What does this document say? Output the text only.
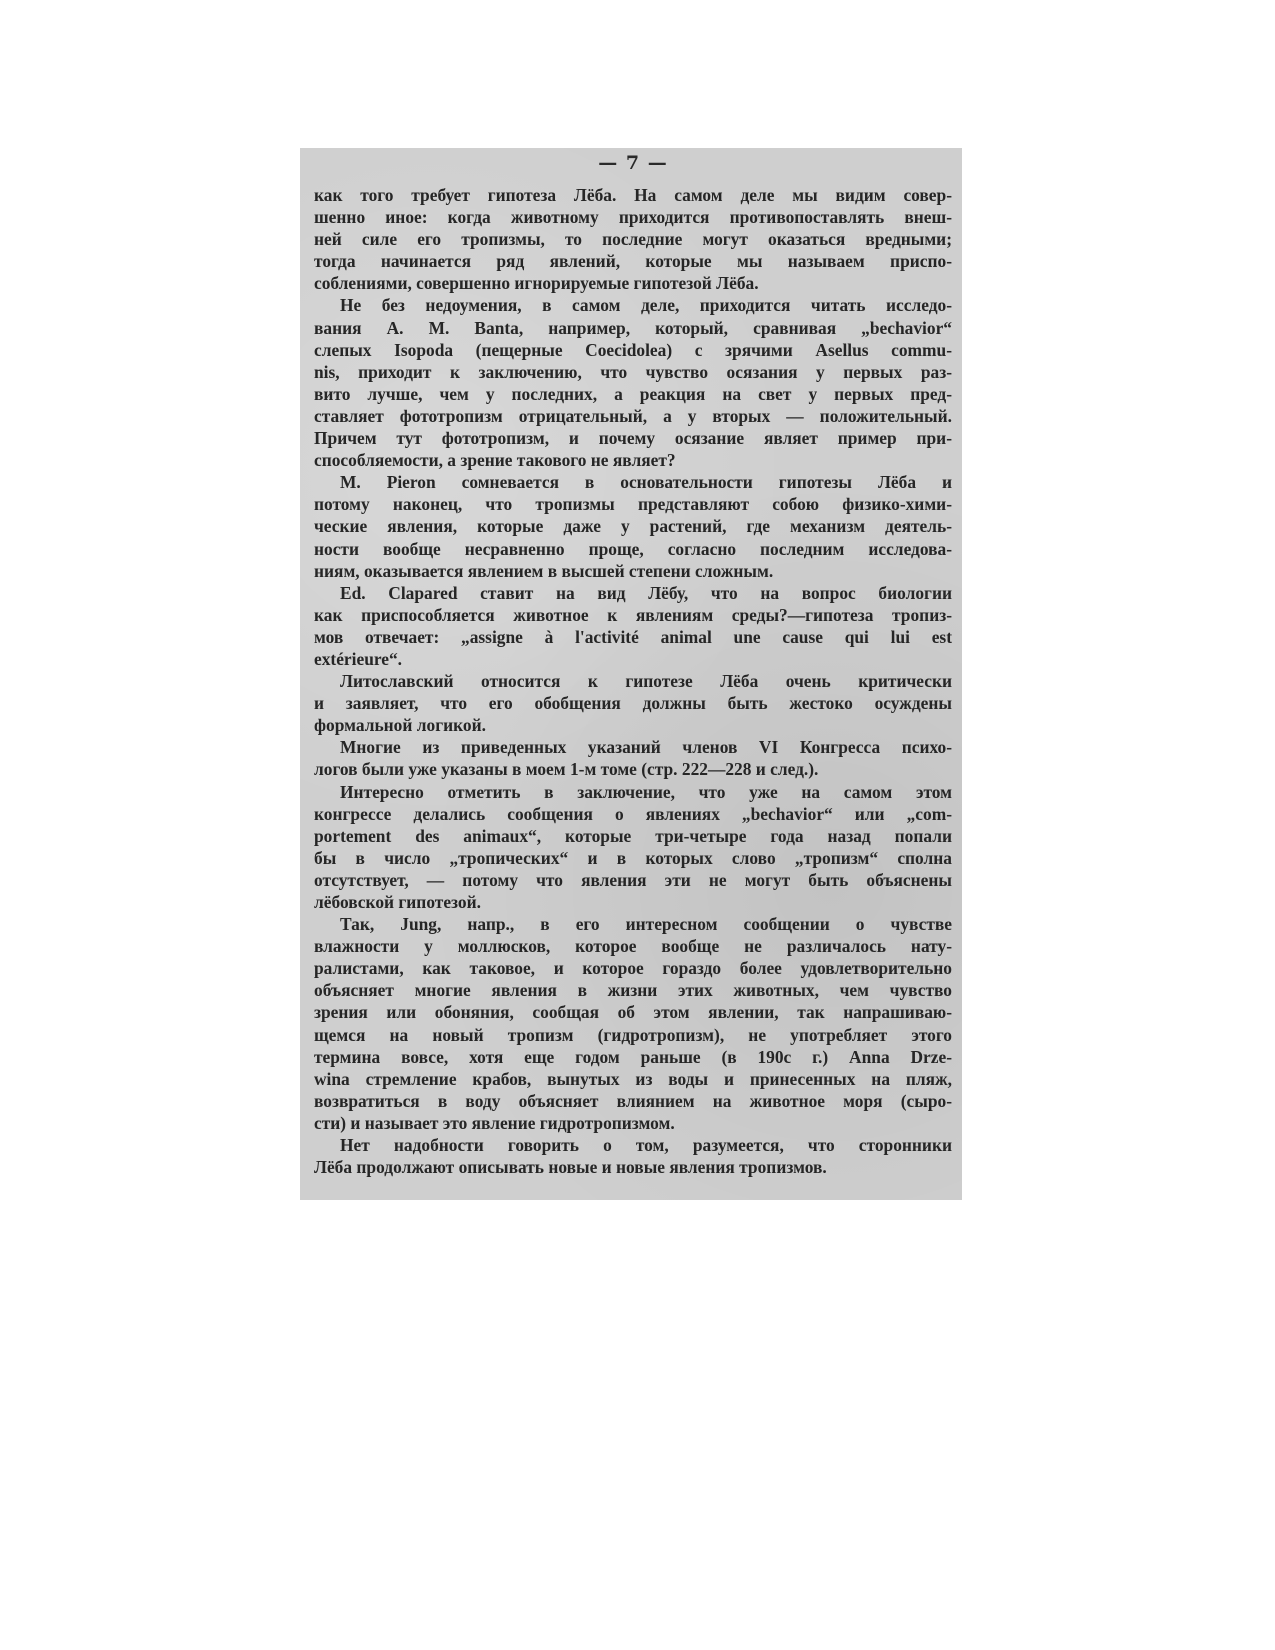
— 7 —
как того требует гипотеза Лёба. На самом деле мы видим совер-
шенно иное: когда животному приходится противопоставлять внеш-
ней силе его тропизмы, то последние могут оказаться вредными;
тогда начинается ряд явлений, которые мы называем приспо-
соблениями, совершенно игнорируемые гипотезой Лёба.
Не без недоумения, в самом деле, приходится читать исследо-
вания А. М. Banta, например, который, сравнивая „bechavior“
слепых Isopoda (пещерные Coecidolea) с зрячими Asellus commu-
nis, приходит к заключению, что чувство осязания у первых раз-
вито лучше, чем у последних, а реакция на свет у первых пред-
ставляет фототропизм отрицательный, а у вторых — положительный.
Причем тут фототропизм, и почему осязание являет пример при-
способляемости, а зрение такового не являет?
М. Pieron сомневается в основательности гипотезы Лёба и
потому наконец, что тропизмы представляют собою физико-хими-
ческие явления, которые даже у растений, где механизм деятель-
ности вообще несравненно проще, согласно последним исследова-
ниям, оказывается явлением в высшей степени сложным.
Ed. Clapared ставит на вид Лёбу, что на вопрос биологии
как приспособляется животное к явлениям среды?—гипотеза тропиз-
мов отвечает: „assigne à l'activité animal une cause qui lui est
extérieure“.
Литославский относится к гипотезе Лёба очень критически
и заявляет, что его обобщения должны быть жестоко осуждены
формальной логикой.
Многие из приведенных указаний членов VI Конгресса психо-
логов были уже указаны в моем 1-м томе (стр. 222—228 и след.).
Интересно отметить в заключение, что уже на самом этом
конгрессе делались сообщения о явлениях „bechavior“ или „com-
portement des animaux“, которые три-четыре года назад попали
бы в число „тропических“ и в которых слово „тропизм“ сполна
отсутствует, — потому что явления эти не могут быть объяснены
лёбовской гипотезой.
Так, Jung, напр., в его интересном сообщении о чувстве
влажности у моллюсков, которое вообще не различалось нату-
ралистами, как таковое, и которое гораздо более удовлетворительно
объясняет многие явления в жизни этих животных, чем чувство
зрения или обоняния, сообщая об этом явлении, так напрашиваю-
щемся на новый тропизм (гидротропизм), не употребляет этого
термина вовсе, хотя еще годом раньше (в 190с г.) Anna Drze-
wina стремление крабов, вынутых из воды и принесенных на пляж,
возвратиться в воду объясняет влиянием на животное моря (сыро-
сти) и называет это явление гидротропизмом.
Нет надобности говорить о том, разумеется, что сторонники
Лёба продолжают описывать новые и новые явления тропизмов.
